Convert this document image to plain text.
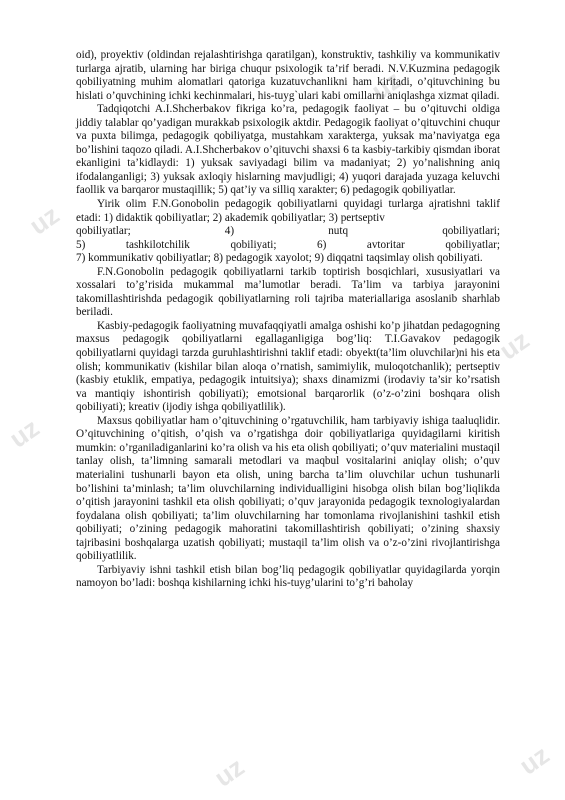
uz
uz
uz
uz
uz	uz

oid), proyektiv (oldindan rejalashtirishga qaratilgan), konstruktiv, tashkiliy va kommunikativ turlarga ajratib, ularning har biriga chuqur psixologik ta’rif beradi. N.V.Kuzmina pedagogik qobiliyatning muhim alomatlari qatoriga kuzatuvchanlikni ham kiritadi, o’qituvchining bu hislati o’quvchining ichki kechinmalari, his-tuyg`ulari kabi omillarni aniqlashga xizmat qiladi.

Tadqiqotchi A.I.Shcherbakov fikriga ko’ra, pedagogik faoliyat – bu o’qituvchi oldiga jiddiy talablar qo’yadigan murakkab psixologik aktdir. Pedagogik faoliyat o’qituvchini chuqur va puxta bilimga, pedagogik qobiliyatga, mustahkam xarakterga, yuksak ma’naviyatga ega bo’lishini taqozo qiladi. A.I.Shcherbakov o’qituvchi shaxsi 6 ta kasbiy-tarkibiy qismdan iborat ekanligini ta’kidlaydi: 1) yuksak saviyadagi bilim va madaniyat; 2) yo’nalishning aniq ifodalanganligi; 3) yuksak axloqiy hislarning mavjudligi; 4) yuqori darajada yuzaga keluvchi faollik va barqaror mustaqillik; 5) qat’iy va silliq xarakter; 6) pedagogik qobiliyatlar.

Yirik olim F.N.Gonobolin pedagogik qobiliyatlarni quyidagi turlarga ajratishni taklif etadi: 1) didaktik qobiliyatlar; 2) akademik qobiliyatlar; 3) pertseptiv

qobiliyatlar; 4) nutq qobiliyatlari;

5) tashkilotchilik qobiliyati; 6) avtoritar qobiliyatlar;

7) kommunikativ qobiliyatlar; 8) pedagogik xayolot; 9) diqqatni taqsimlay olish qobiliyati.

F.N.Gonobolin pedagogik qobiliyatlarni tarkib toptirish bosqichlari, xususiyatlari va xossalari to’g’risida mukammal ma’lumotlar beradi. Ta’lim va tarbiya jarayonini takomillashtirishda pedagogik qobiliyatlarning roli tajriba materiallariga asoslanib sharhlab beriladi.

Kasbiy-pedagogik faoliyatning muvafaqqiyatli amalga oshishi ko’p jihatdan pedagogning maxsus pedagogik qobiliyatlarni egallaganligiga bog’liq: T.I.Gavakov pedagogik qobiliyatlarni quyidagi tarzda guruhlashtirishni taklif etadi: obyekt(ta’lim oluvchilar)ni his eta olish; kommunikativ (kishilar bilan aloqa o’rnatish, samimiylik, muloqotchanlik); pertseptiv (kasbiy etuklik, empatiya, pedagogik intuitsiya); shaxs dinamizmi (irodaviy ta’sir ko’rsatish va mantiqiy ishontirish qobiliyati); emotsional barqarorlik (o’z-o’zini boshqara olish qobiliyati); kreativ (ijodiy ishga qobiliyatlilik).

Maxsus qobiliyatlar ham o’qituvchining o’rgatuvchilik, ham tarbiyaviy ishiga taaluqlidir. O’qituvchining o’qitish, o’qish va o’rgatishga doir qobiliyatlariga quyidagilarni kiritish mumkin: o’rganiladiganlarini ko’ra olish va his eta olish qobiliyati; o’quv materialini mustaqil tanlay olish, ta’limning samarali metodlari va maqbul vositalarini aniqlay olish; o’quv materialini tushunarli bayon eta olish, uning barcha ta’lim oluvchilar uchun tushunarli bo’lishini ta’minlash; ta’lim oluvchilarning individualligini hisobga olish bilan bog’liqlikda o’qitish jarayonini tashkil eta olish qobiliyati; o’quv jarayonida pedagogik texnologiyalardan foydalana olish qobiliyati; ta’lim oluvchilarning har tomonlama rivojlanishini tashkil etish qobiliyati; o’zining pedagogik mahoratini takomillashtirish qobiliyati; o’zining shaxsiy tajribasini boshqalarga uzatish qobiliyati; mustaqil ta’lim olish va o’z-o’zini rivojlantirishga qobiliyatlilik.

Tarbiyaviy ishni tashkil etish bilan bog’liq pedagogik qobiliyatlar quyidagilarda yorqin namoyon bo’ladi: boshqa kishilarning ichki his-tuyg’ularini to’g’ri baholay
